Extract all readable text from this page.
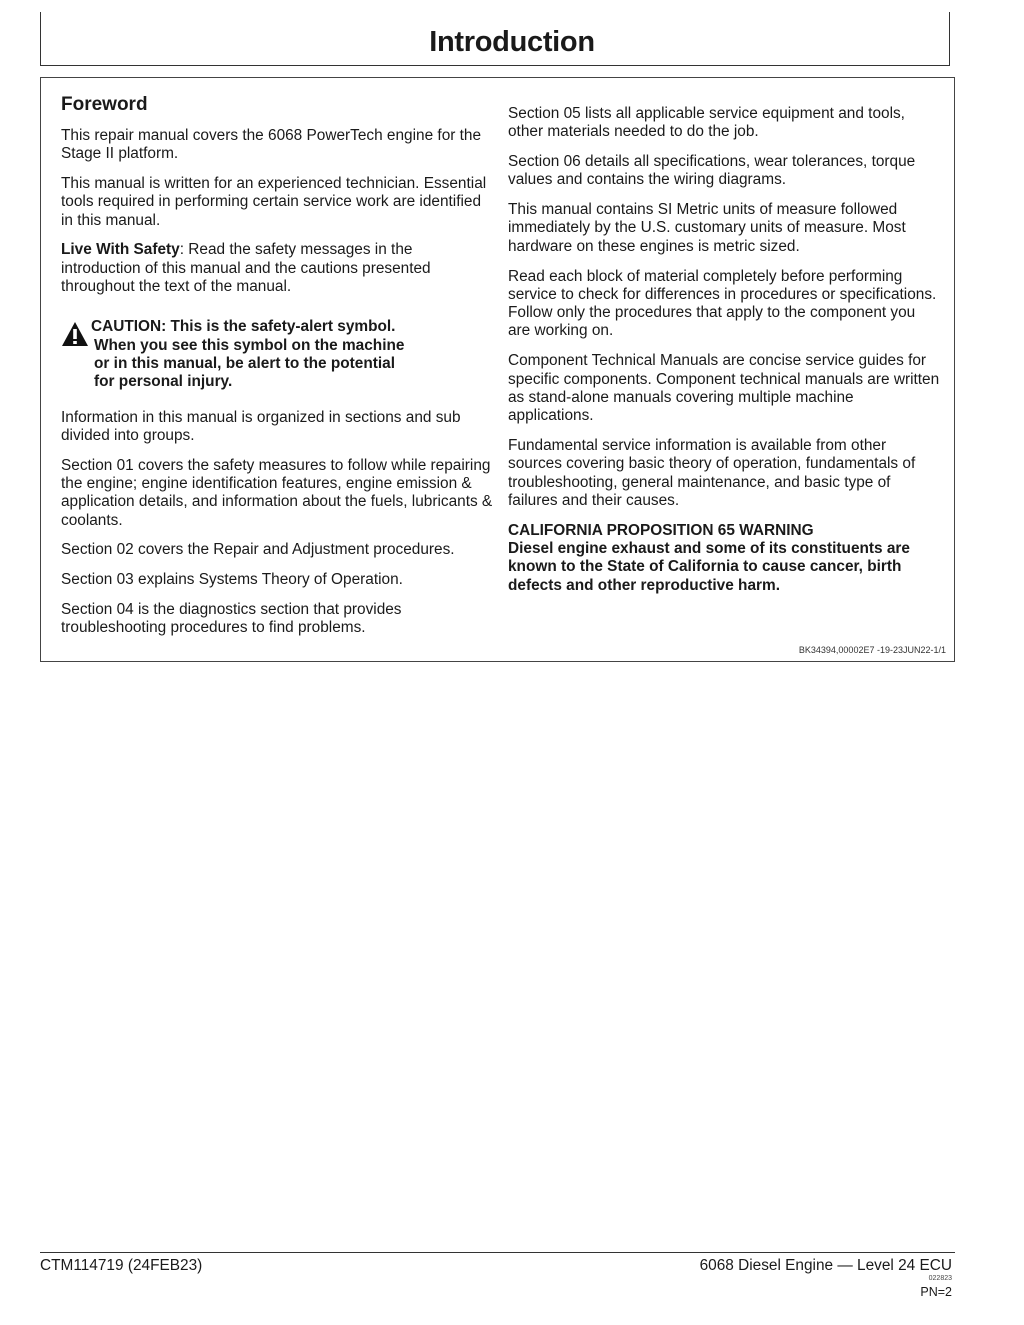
Introduction
Foreword

This repair manual covers the 6068 PowerTech engine for the Stage II platform.

This manual is written for an experienced technician. Essential tools required in performing certain service work are identified in this manual.

Live With Safety: Read the safety messages in the introduction of this manual and the cautions presented throughout the text of the manual.

CAUTION: This is the safety-alert symbol.
When you see this symbol on the machine
or in this manual, be alert to the potential
for personal injury.

Information in this manual is organized in sections and sub divided into groups.

Section 01 covers the safety measures to follow while repairing the engine; engine identification features, engine emission & application details, and information about the fuels, lubricants & coolants.

Section 02 covers the Repair and Adjustment procedures.

Section 03 explains Systems Theory of Operation.

Section 04 is the diagnostics section that provides troubleshooting procedures to find problems.

Section 05 lists all applicable service equipment and tools, other materials needed to do the job.

Section 06 details all specifications, wear tolerances, torque values and contains the wiring diagrams.

This manual contains SI Metric units of measure followed immediately by the U.S. customary units of measure. Most hardware on these engines is metric sized.

Read each block of material completely before performing service to check for differences in procedures or specifications. Follow only the procedures that apply to the component you are working on.

Component Technical Manuals are concise service guides for specific components. Component technical manuals are written as stand-alone manuals covering multiple machine applications.

Fundamental service information is available from other sources covering basic theory of operation, fundamentals of troubleshooting, general maintenance, and basic type of failures and their causes.

CALIFORNIA PROPOSITION 65 WARNING
Diesel engine exhaust and some of its constituents are known to the State of California to cause cancer, birth defects and other reproductive harm.

BK34394,00002E7 -19-23JUN22-1/1
CTM114719 (24FEB23)	6068 Diesel Engine — Level 24 ECU
022823
PN=2
